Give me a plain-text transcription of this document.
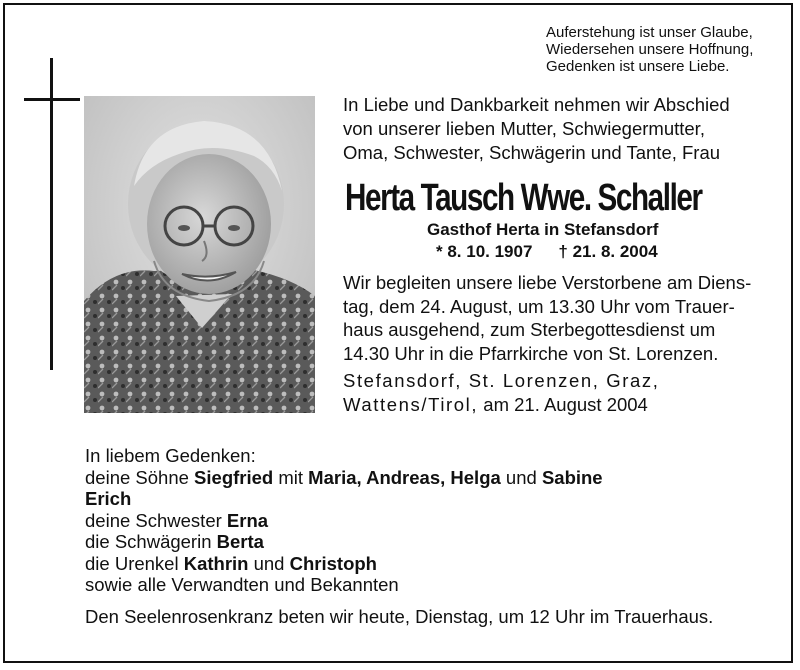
Auferstehung ist unser Glaube,
Wiedersehen unsere Hoffnung,
Gedenken ist unsere Liebe.
In Liebe und Dankbarkeit nehmen wir Abschied
von unserer lieben Mutter, Schwiegermutter,
Oma, Schwester, Schwägerin und Tante, Frau
Herta Tausch Wwe. Schaller
Gasthof Herta in Stefansdorf
* 8. 10. 1907 † 21. 8. 2004
Wir begleiten unsere liebe Verstorbene am Diens-
tag, dem 24. August, um 13.30 Uhr vom Trauer-
haus ausgehend, zum Sterbegottesdienst um
14.30 Uhr in die Pfarrkirche von St. Lorenzen.
Stefansdorf, St. Lorenzen, Graz,
Wattens/Tirol, am 21. August 2004
In liebem Gedenken:
deine Söhne Siegfried mit Maria, Andreas, Helga und Sabine
Erich
deine Schwester Erna
die Schwägerin Berta
die Urenkel Kathrin und Christoph
sowie alle Verwandten und Bekannten
Den Seelenrosenkranz beten wir heute, Dienstag, um 12 Uhr im Trauerhaus.
